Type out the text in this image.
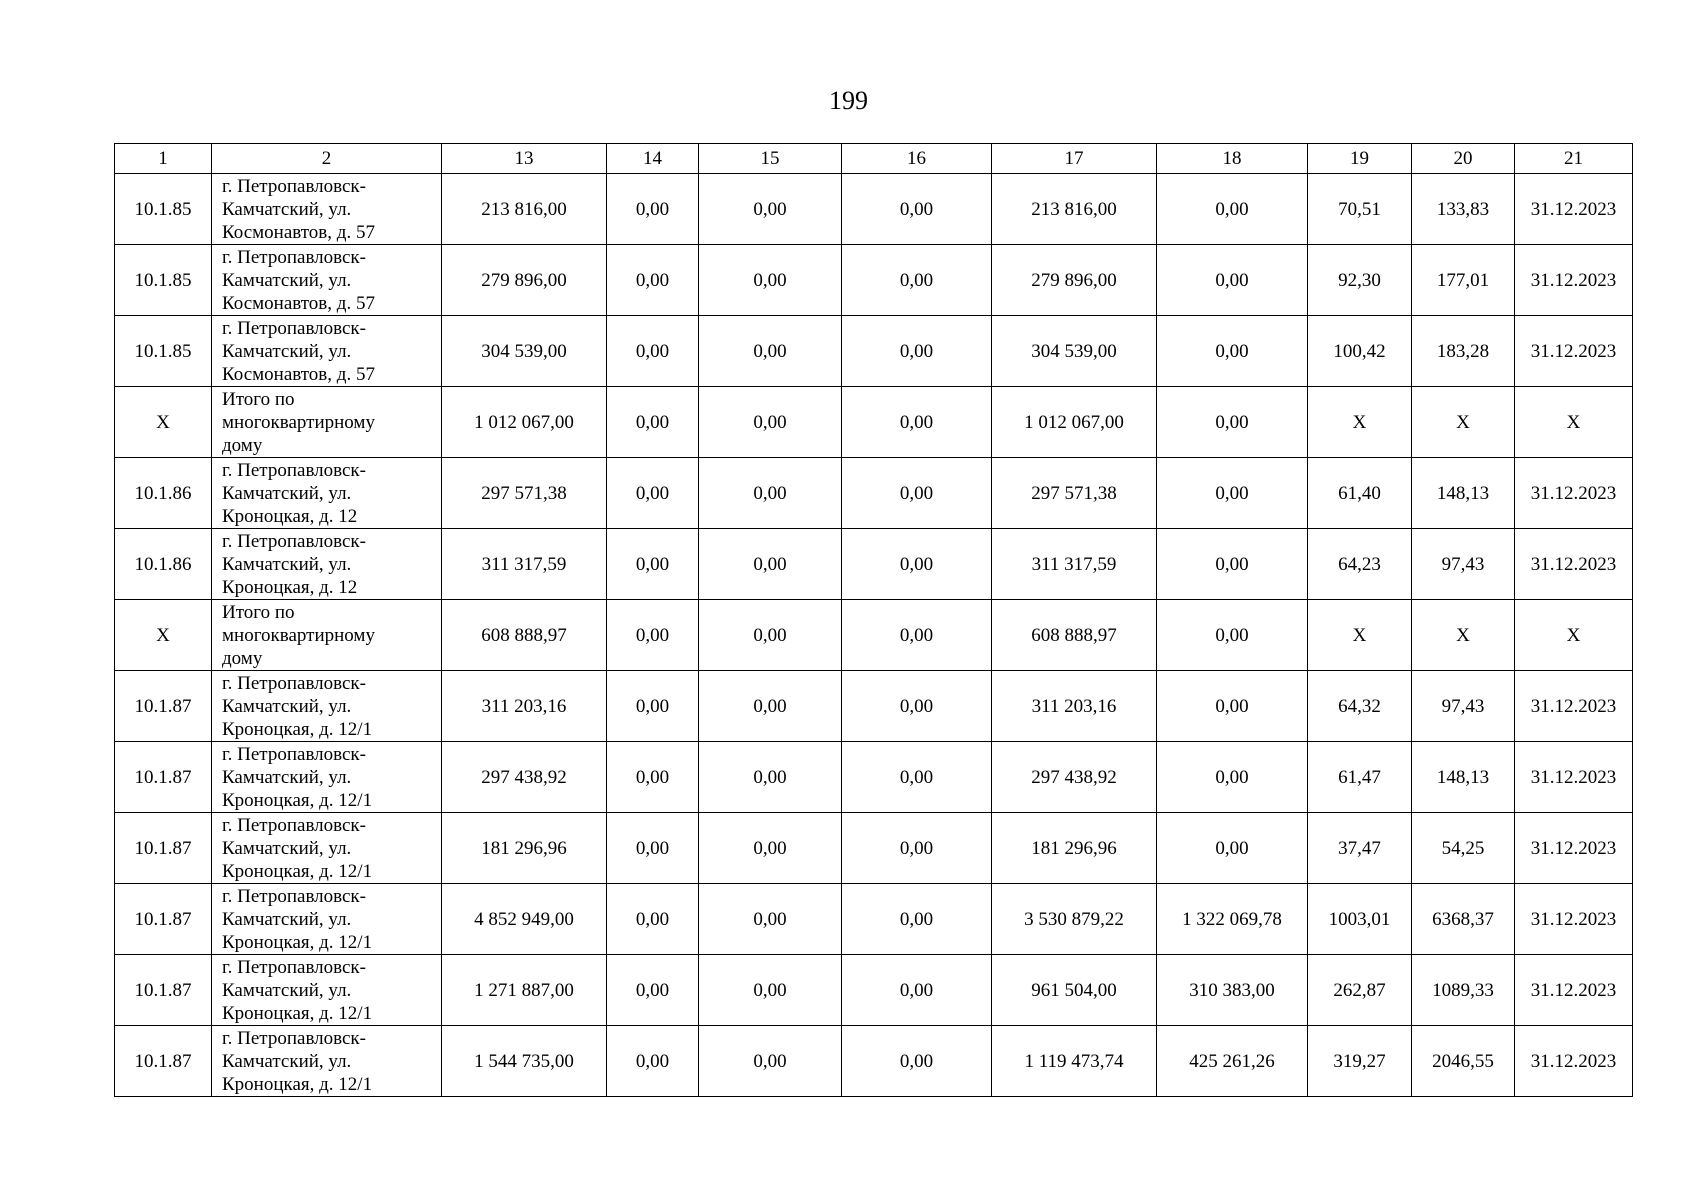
199
1	2	13	14	15	16	17	18	19	20	21
10.1.85	г. Петропавловск-
Камчатский, ул.
Космонавтов, д. 57	213 816,00	0,00	0,00	0,00	213 816,00	0,00	70,51	133,83	31.12.2023
10.1.85	г. Петропавловск-
Камчатский, ул.
Космонавтов, д. 57	279 896,00	0,00	0,00	0,00	279 896,00	0,00	92,30	177,01	31.12.2023
10.1.85	г. Петропавловск-
Камчатский, ул.
Космонавтов, д. 57	304 539,00	0,00	0,00	0,00	304 539,00	0,00	100,42	183,28	31.12.2023
Х	Итого по
многоквартирному
дому	1 012 067,00	0,00	0,00	0,00	1 012 067,00	0,00	Х	Х	Х
10.1.86	г. Петропавловск-
Камчатский, ул.
Кроноцкая, д. 12	297 571,38	0,00	0,00	0,00	297 571,38	0,00	61,40	148,13	31.12.2023
10.1.86	г. Петропавловск-
Камчатский, ул.
Кроноцкая, д. 12	311 317,59	0,00	0,00	0,00	311 317,59	0,00	64,23	97,43	31.12.2023
Х	Итого по
многоквартирному
дому	608 888,97	0,00	0,00	0,00	608 888,97	0,00	Х	Х	Х
10.1.87	г. Петропавловск-
Камчатский, ул.
Кроноцкая, д. 12/1	311 203,16	0,00	0,00	0,00	311 203,16	0,00	64,32	97,43	31.12.2023
10.1.87	г. Петропавловск-
Камчатский, ул.
Кроноцкая, д. 12/1	297 438,92	0,00	0,00	0,00	297 438,92	0,00	61,47	148,13	31.12.2023
10.1.87	г. Петропавловск-
Камчатский, ул.
Кроноцкая, д. 12/1	181 296,96	0,00	0,00	0,00	181 296,96	0,00	37,47	54,25	31.12.2023
10.1.87	г. Петропавловск-
Камчатский, ул.
Кроноцкая, д. 12/1	4 852 949,00	0,00	0,00	0,00	3 530 879,22	1 322 069,78	1003,01	6368,37	31.12.2023
10.1.87	г. Петропавловск-
Камчатский, ул.
Кроноцкая, д. 12/1	1 271 887,00	0,00	0,00	0,00	961 504,00	310 383,00	262,87	1089,33	31.12.2023
10.1.87	г. Петропавловск-
Камчатский, ул.
Кроноцкая, д. 12/1	1 544 735,00	0,00	0,00	0,00	1 119 473,74	425 261,26	319,27	2046,55	31.12.2023
